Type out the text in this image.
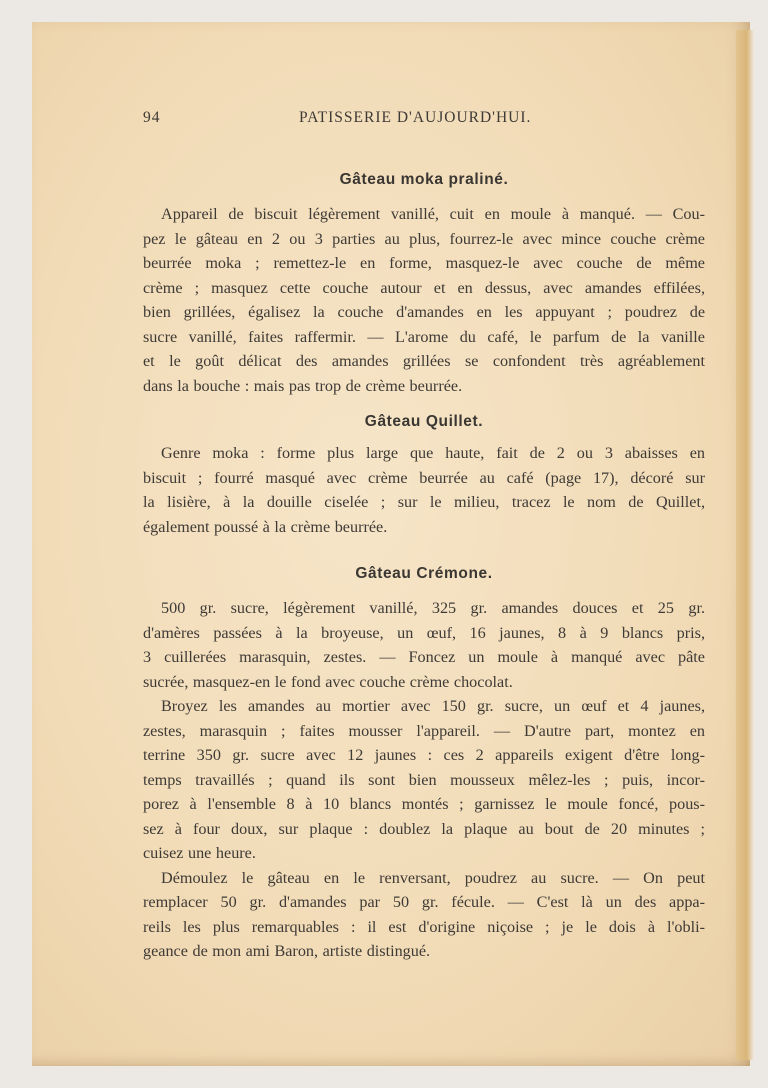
94	PATISSERIE D'AUJOURD'HUI.
Gâteau moka praliné.
Appareil de biscuit légèrement vanillé, cuit en moule à manqué. — Cou-
pez le gâteau en 2 ou 3 parties au plus, fourrez-le avec mince couche crème
beurrée moka ; remettez-le en forme, masquez-le avec couche de même
crème ; masquez cette couche autour et en dessus, avec amandes effilées,
bien grillées, égalisez la couche d'amandes en les appuyant ; poudrez de
sucre vanillé, faites raffermir. — L'arome du café, le parfum de la vanille
et le goût délicat des amandes grillées se confondent très agréablement
dans la bouche : mais pas trop de crème beurrée.
Gâteau Quillet.
Genre moka : forme plus large que haute, fait de 2 ou 3 abaisses en
biscuit ; fourré masqué avec crème beurrée au café (page 17), décoré sur
la lisière, à la douille ciselée ; sur le milieu, tracez le nom de Quillet,
également poussé à la crème beurrée.
Gâteau Crémone.
500 gr. sucre, légèrement vanillé, 325 gr. amandes douces et 25 gr.
d'amères passées à la broyeuse, un œuf, 16 jaunes, 8 à 9 blancs pris,
3 cuillerées marasquin, zestes. — Foncez un moule à manqué avec pâte
sucrée, masquez-en le fond avec couche crème chocolat.
Broyez les amandes au mortier avec 150 gr. sucre, un œuf et 4 jaunes,
zestes, marasquin ; faites mousser l'appareil. — D'autre part, montez en
terrine 350 gr. sucre avec 12 jaunes : ces 2 appareils exigent d'être long-
temps travaillés ; quand ils sont bien mousseux mêlez-les ; puis, incor-
porez à l'ensemble 8 à 10 blancs montés ; garnissez le moule foncé, pous-
sez à four doux, sur plaque : doublez la plaque au bout de 20 minutes ;
cuisez une heure.
Démoulez le gâteau en le renversant, poudrez au sucre. — On peut
remplacer 50 gr. d'amandes par 50 gr. fécule. — C'est là un des appa-
reils les plus remarquables : il est d'origine niçoise ; je le dois à l'obli-
geance de mon ami Baron, artiste distingué.
